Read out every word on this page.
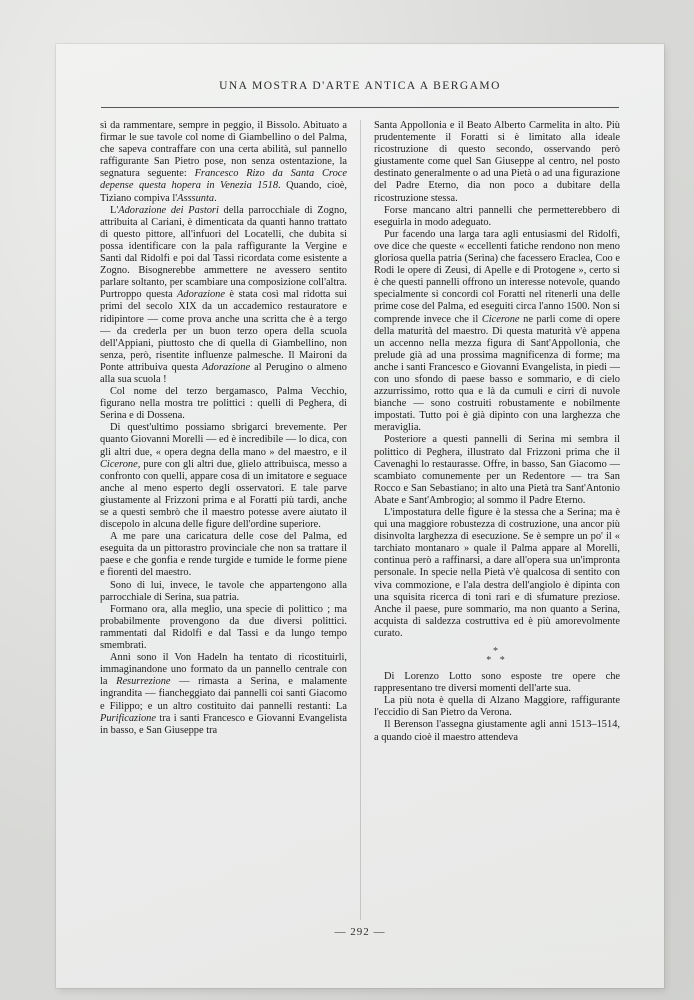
UNA MOSTRA D'ARTE ANTICA A BERGAMO

sì da rammentare, sempre in peggio, il Bissolo. Abituato a firmar le sue tavole col nome di Giambellino o del Palma, che sapeva contraffare con una certa abilità, sul pannello raffigurante San Pietro pose, non senza ostentazione, la segnatura seguente: Francesco Rizo da Santa Croce depense questa hopera in Venezia 1518. Quando, cioè, Tiziano compiva l'Asssunta.

L'Adorazione dei Pastori della parrocchiale di Zogno, attribuita al Cariani, è dimenticata da quanti hanno trattato di questo pittore, all'infuori del Locatelli, che dubita si possa identificare con la pala raffigurante la Vergine e Santi dal Ridolfi e poi dal Tassi ricordata come esistente a Zogno. Bisognerebbe ammettere ne avessero sentito parlare soltanto, per scambiare una composizione coll'altra. Purtroppo questa Adorazione è stata così mal ridotta sui primi del secolo XIX da un accademico restauratore e ridipintore — come prova anche una scritta che è a tergo — da crederla per un buon terzo opera della scuola dell'Appiani, piuttosto che di quella di Giambellino, non senza, però, risentite influenze palmesche. Il Maironi da Ponte attribuiva questa Adorazione al Perugino o almeno alla sua scuola !

Col nome del terzo bergamasco, Palma Vecchio, figurano nella mostra tre polittici : quelli di Peghera, di Serina e di Dossena.

Di quest'ultimo possiamo sbrigarci brevemente. Per quanto Giovanni Morelli — ed è incredibile — lo dica, con gli altri due, « opera degna della mano » del maestro, e il Cicerone, pure con gli altri due, glielo attribuisca, messo a confronto con quelli, appare cosa di un imitatore e seguace anche al meno esperto degli osservatori. E tale parve giustamente al Frizzoni prima e al Foratti più tardi, anche se a questi sembrò che il maestro potesse avere aiutato il discepolo in alcuna delle figure dell'ordine superiore.

A me pare una caricatura delle cose del Palma, ed eseguita da un pittorastro provinciale che non sa trattare il paese e che gonfia e rende turgide e tumide le forme piene e fiorenti del maestro.

Sono di lui, invece, le tavole che appartengono alla parrocchiale di Serina, sua patria.

Formano ora, alla meglio, una specie di polittico ; ma probabilmente provengono da due diversi polittici. rammentati dal Ridolfi e dal Tassi e da lungo tempo smembrati.

Anni sono il Von Hadeln ha tentato di ricostituirli, immaginandone uno formato da un pannello centrale con la Resurrezione — rimasta a Serina, e malamente ingrandita — fiancheggiato dai pannelli coi santi Giacomo e Filippo; e un altro costituito dai pannelli restanti: La Purificazione tra i santi Francesco e Giovanni Evangelista in basso, e San Giuseppe tra

Santa Appollonia e il Beato Alberto Carmelita in alto. Più prudentemente il Foratti si è limitato alla ideale ricostruzione di questo secondo, osservando però giustamente come quel San Giuseppe al centro, nel posto destinato generalmente o ad una Pietà o ad una figurazione del Padre Eterno, dia non poco a dubitare della ricostruzione stessa.

Forse mancano altri pannelli che permetterebbero di eseguirla in modo adeguato.

Pur facendo una larga tara agli entusiasmi del Ridolfi, ove dice che queste « eccellenti fatiche rendono non meno gloriosa quella patria (Serina) che facessero Eraclea, Coo e Rodi le opere di Zeusi, di Apelle e di Protogene », certo si è che questi pannelli offrono un interesse notevole, quando specialmente si concordi col Foratti nel ritenerli una delle prime cose del Palma, ed eseguiti circa l'anno 1500. Non si comprende invece che il Cicerone ne parli come di opere della maturità del maestro. Di questa maturità v'è appena un accenno nella mezza figura di Sant'Appollonia, che prelude già ad una prossima magnificenza di forme; ma anche i santi Francesco e Giovanni Evangelista, in piedi — con uno sfondo di paese basso e sommario, e di cielo azzurrissimo, rotto qua e là da cumuli e cirri di nuvole bianche — sono costruiti robustamente e nobilmente impostati. Tutto poi è già dipinto con una larghezza che meraviglia.

Posteriore a questi pannelli di Serina mi sembra il polittico di Peghera, illustrato dal Frizzoni prima che il Cavenaghi lo restaurasse. Offre, in basso, San Giacomo — scambiato comunemente per un Redentore — tra San Rocco e San Sebastiano; in alto una Pietà tra Sant'Antonio Abate e Sant'Ambrogio; al sommo il Padre Eterno.

L'impostatura delle figure è la stessa che a Serina; ma è qui una maggiore robustezza di costruzione, una ancor più disinvolta larghezza di esecuzione. Se è sempre un po' il « tarchiato montanaro » quale il Palma appare al Morelli, continua però a raffinarsi, a dare all'opera sua un'impronta personale. In specie nella Pietà v'è qualcosa di sentito con viva commozione, e l'ala destra dell'angiolo è dipinta con una squisita ricerca di toni rari e di sfumature preziose. Anche il paese, pure sommario, ma non quanto a Serina, acquista di saldezza costruttiva ed è più amorevolmente curato.

*
* *

Di Lorenzo Lotto sono esposte tre opere che rappresentano tre diversi momenti dell'arte sua.

La più nota è quella di Alzano Maggiore, raffigurante l'eccidio di San Pietro da Verona.

Il Berenson l'assegna giustamente agli anni 1513–1514, a quando cioè il maestro attendeva

— 292 —
